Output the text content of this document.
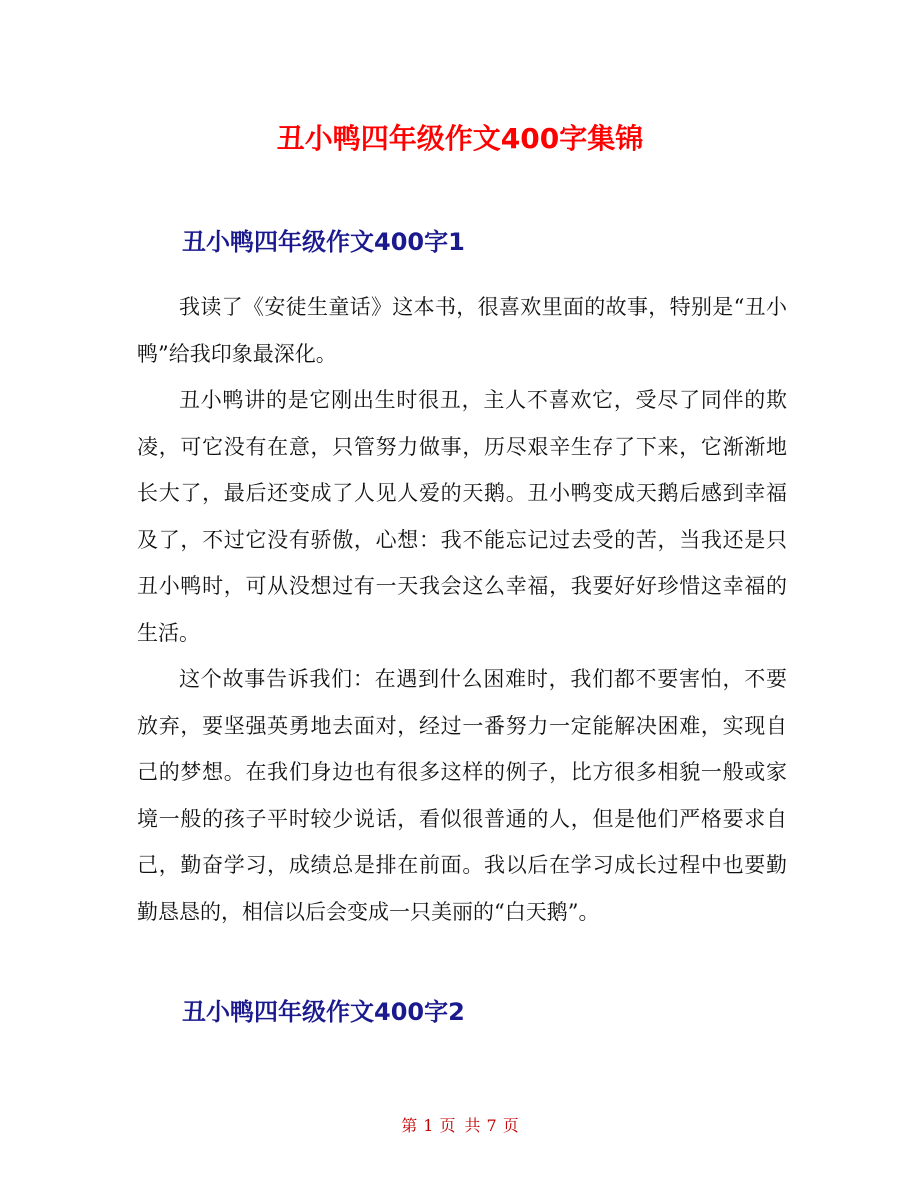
丑小鸭四年级作文400字集锦
丑小鸭四年级作文400字1

我读了《安徒生童话》这本书，很喜欢里面的故事，特别是“丑小鸭”给我印象最深化。

丑小鸭讲的是它刚出生时很丑，主人不喜欢它，受尽了同伴的欺凌，可它没有在意，只管努力做事，历尽艰辛生存了下来，它渐渐地长大了，最后还变成了人见人爱的天鹅。丑小鸭变成天鹅后感到幸福及了，不过它没有骄傲，心想：我不能忘记过去受的苦，当我还是只丑小鸭时，可从没想过有一天我会这么幸福，我要好好珍惜这幸福的生活。

这个故事告诉我们：在遇到什么困难时，我们都不要害怕，不要放弃，要坚强英勇地去面对，经过一番努力一定能解决困难，实现自己的梦想。在我们身边也有很多这样的例子，比方很多相貌一般或家境一般的孩子平时较少说话，看似很普通的人，但是他们严格要求自己，勤奋学习，成绩总是排在前面。我以后在学习成长过程中也要勤勤恳恳的，相信以后会变成一只美丽的“白天鹅”。

丑小鸭四年级作文400字2
第 1 页 共 7 页
